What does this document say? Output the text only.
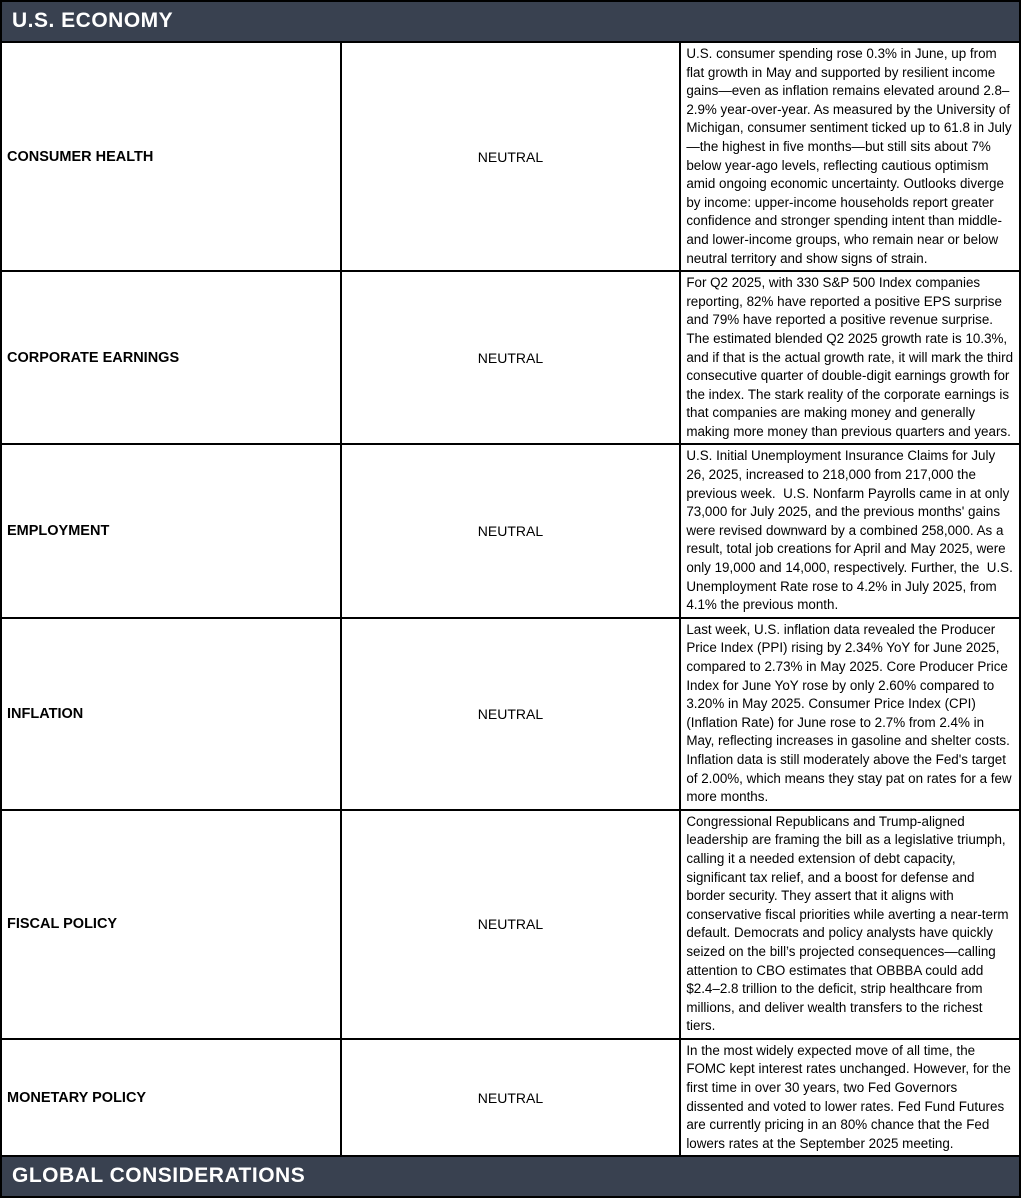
U.S. ECONOMY		
CONSUMER HEALTH	NEUTRAL	U.S. consumer spending rose 0.3% in June, up from flat growth in May and supported by resilient income gains—even as inflation remains elevated around 2.8–2.9% year-over-year. As measured by the University of Michigan, consumer sentiment ticked up to 61.8 in July—the highest in five months—but still sits about 7% below year-ago levels, reflecting cautious optimism amid ongoing economic uncertainty. Outlooks diverge by income: upper-income households report greater confidence and stronger spending intent than middle- and lower-income groups, who remain near or below neutral territory and show signs of strain.
CORPORATE EARNINGS	NEUTRAL	For Q2 2025, with 330 S&P 500 Index companies reporting, 82% have reported a positive EPS surprise and 79% have reported a positive revenue surprise. The estimated blended Q2 2025 growth rate is 10.3%, and if that is the actual growth rate, it will mark the third consecutive quarter of double-digit earnings growth for the index. The stark reality of the corporate earnings is that companies are making money and generally making more money than previous quarters and years.
EMPLOYMENT	NEUTRAL	U.S. Initial Unemployment Insurance Claims for July 26, 2025, increased to 218,000 from 217,000 the previous week.  U.S. Nonfarm Payrolls came in at only 73,000 for July 2025, and the previous months' gains were revised downward by a combined 258,000. As a result, total job creations for April and May 2025, were only 19,000 and 14,000, respectively. Further, the  U.S. Unemployment Rate rose to 4.2% in July 2025, from 4.1% the previous month.
INFLATION	NEUTRAL	Last week, U.S. inflation data revealed the Producer Price Index (PPI) rising by 2.34% YoY for June 2025, compared to 2.73% in May 2025. Core Producer Price Index for June YoY rose by only 2.60% compared to 3.20% in May 2025. Consumer Price Index (CPI) (Inflation Rate) for June rose to 2.7% from 2.4% in May, reflecting increases in gasoline and shelter costs.  Inflation data is still moderately above the Fed's target of 2.00%, which means they stay pat on rates for a few more months.
FISCAL POLICY	NEUTRAL	Congressional Republicans and Trump-aligned leadership are framing the bill as a legislative triumph, calling it a needed extension of debt capacity, significant tax relief, and a boost for defense and border security. They assert that it aligns with conservative fiscal priorities while averting a near-term default. Democrats and policy analysts have quickly seized on the bill’s projected consequences—calling attention to CBO estimates that OBBBA could add $2.4–2.8 trillion to the deficit, strip healthcare from millions, and deliver wealth transfers to the richest tiers.
MONETARY POLICY	NEUTRAL	In the most widely expected move of all time, the FOMC kept interest rates unchanged. However, for the first time in over 30 years, two Fed Governors dissented and voted to lower rates. Fed Fund Futures are currently pricing in an 80% chance that the Fed lowers rates at the September 2025 meeting.
GLOBAL CONSIDERATIONS		
